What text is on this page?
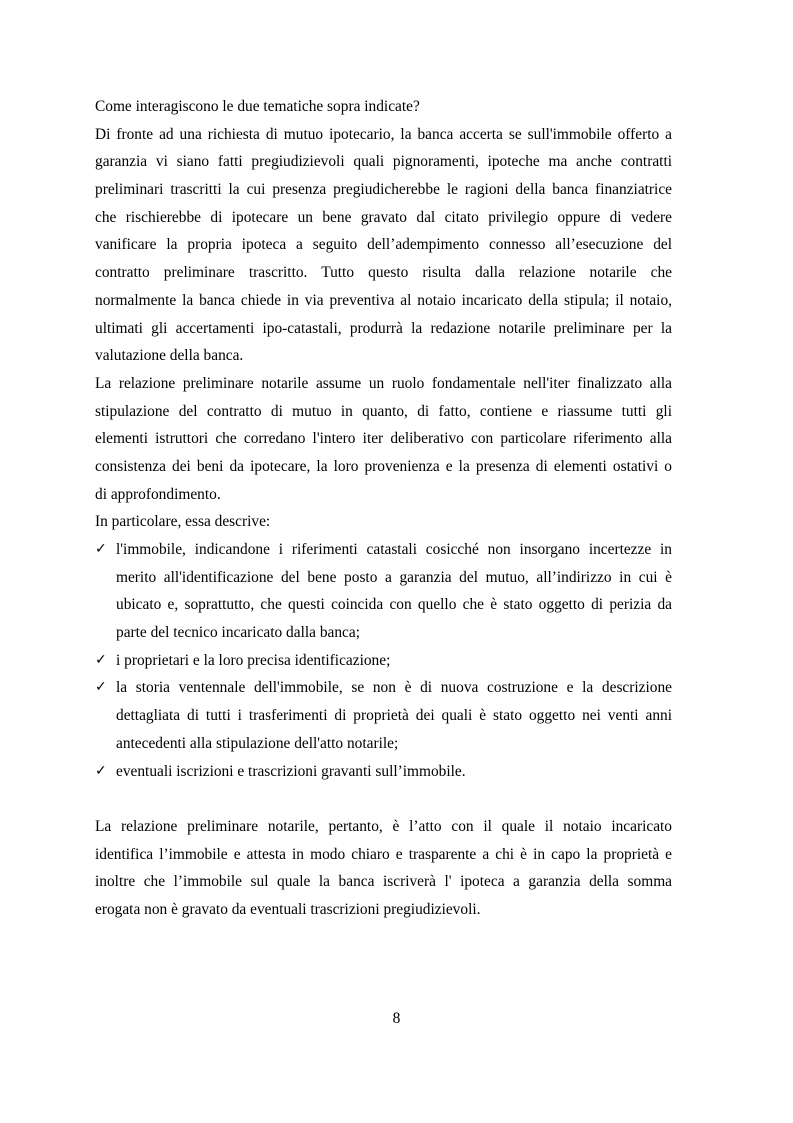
Come interagiscono le due tematiche sopra indicate?
Di fronte ad una richiesta di mutuo ipotecario, la banca accerta se sull'immobile offerto a
garanzia vi siano fatti pregiudizievoli quali pignoramenti, ipoteche ma anche contratti
preliminari trascritti la cui presenza pregiudicherebbe le ragioni della banca finanziatrice
che rischierebbe di ipotecare un bene gravato dal citato privilegio oppure di vedere
vanificare la propria ipoteca a seguito dell’adempimento connesso all’esecuzione del
contratto preliminare trascritto. Tutto questo risulta dalla relazione notarile che
normalmente la banca chiede in via preventiva al notaio incaricato della stipula; il notaio,
ultimati gli accertamenti ipo-catastali, produrrà la redazione notarile preliminare per la
valutazione della banca.
La relazione preliminare notarile assume un ruolo fondamentale nell'iter finalizzato alla
stipulazione del contratto di mutuo in quanto, di fatto, contiene e riassume tutti gli
elementi istruttori che corredano l'intero iter deliberativo con particolare riferimento alla
consistenza dei beni da ipotecare, la loro provenienza e la presenza di elementi ostativi o
di approfondimento.
In particolare, essa descrive:
✓ l'immobile, indicandone i riferimenti catastali cosicché non insorgano incertezze in
merito all'identificazione del bene posto a garanzia del mutuo, all’indirizzo in cui è
ubicato e, soprattutto, che questi coincida con quello che è stato oggetto di perizia da
parte del tecnico incaricato dalla banca;
✓ i proprietari e la loro precisa identificazione;
✓ la storia ventennale dell'immobile, se non è di nuova costruzione e la descrizione
dettagliata di tutti i trasferimenti di proprietà dei quali è stato oggetto nei venti anni
antecedenti alla stipulazione dell'atto notarile;
✓ eventuali iscrizioni e trascrizioni gravanti sull’immobile.
La relazione preliminare notarile, pertanto, è l’atto con il quale il notaio incaricato
identifica l’immobile e attesta in modo chiaro e trasparente a chi è in capo la proprietà e
inoltre che l’immobile sul quale la banca iscriverà l' ipoteca a garanzia della somma
erogata non è gravato da eventuali trascrizioni pregiudizievoli.
8
